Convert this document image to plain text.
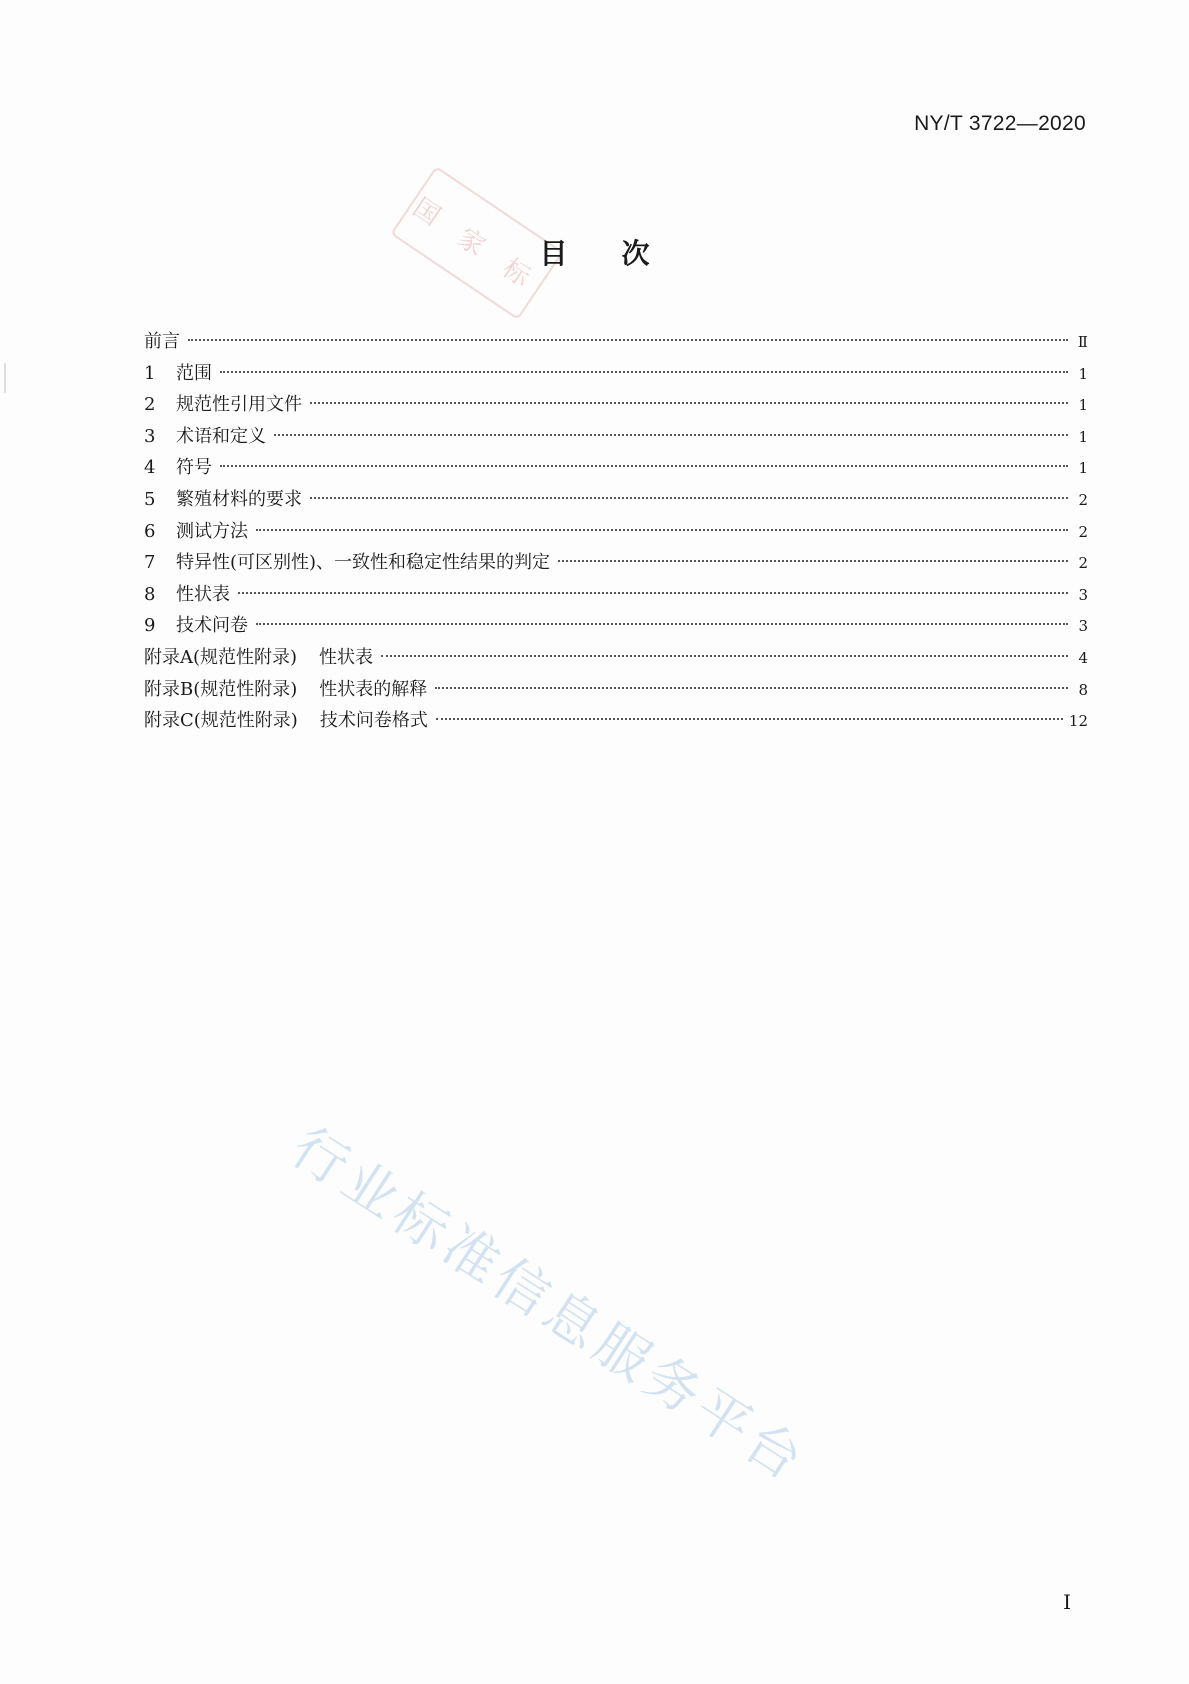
NY/T 3722—2020
国 家 标
目次
前言	Ⅱ
1	范围	1
2	规范性引用文件	1
3	术语和定义	1
4	符号	1
5	繁殖材料的要求	2
6	测试方法	2
7	特异性(可区别性)、一致性和稳定性结果的判定	2
8	性状表	3
9	技术问卷	3
附录A(规范性附录) 性状表	4
附录B(规范性附录) 性状表的解释	8
附录C(规范性附录) 技术问卷格式	12
行业标准信息服务平台
I
